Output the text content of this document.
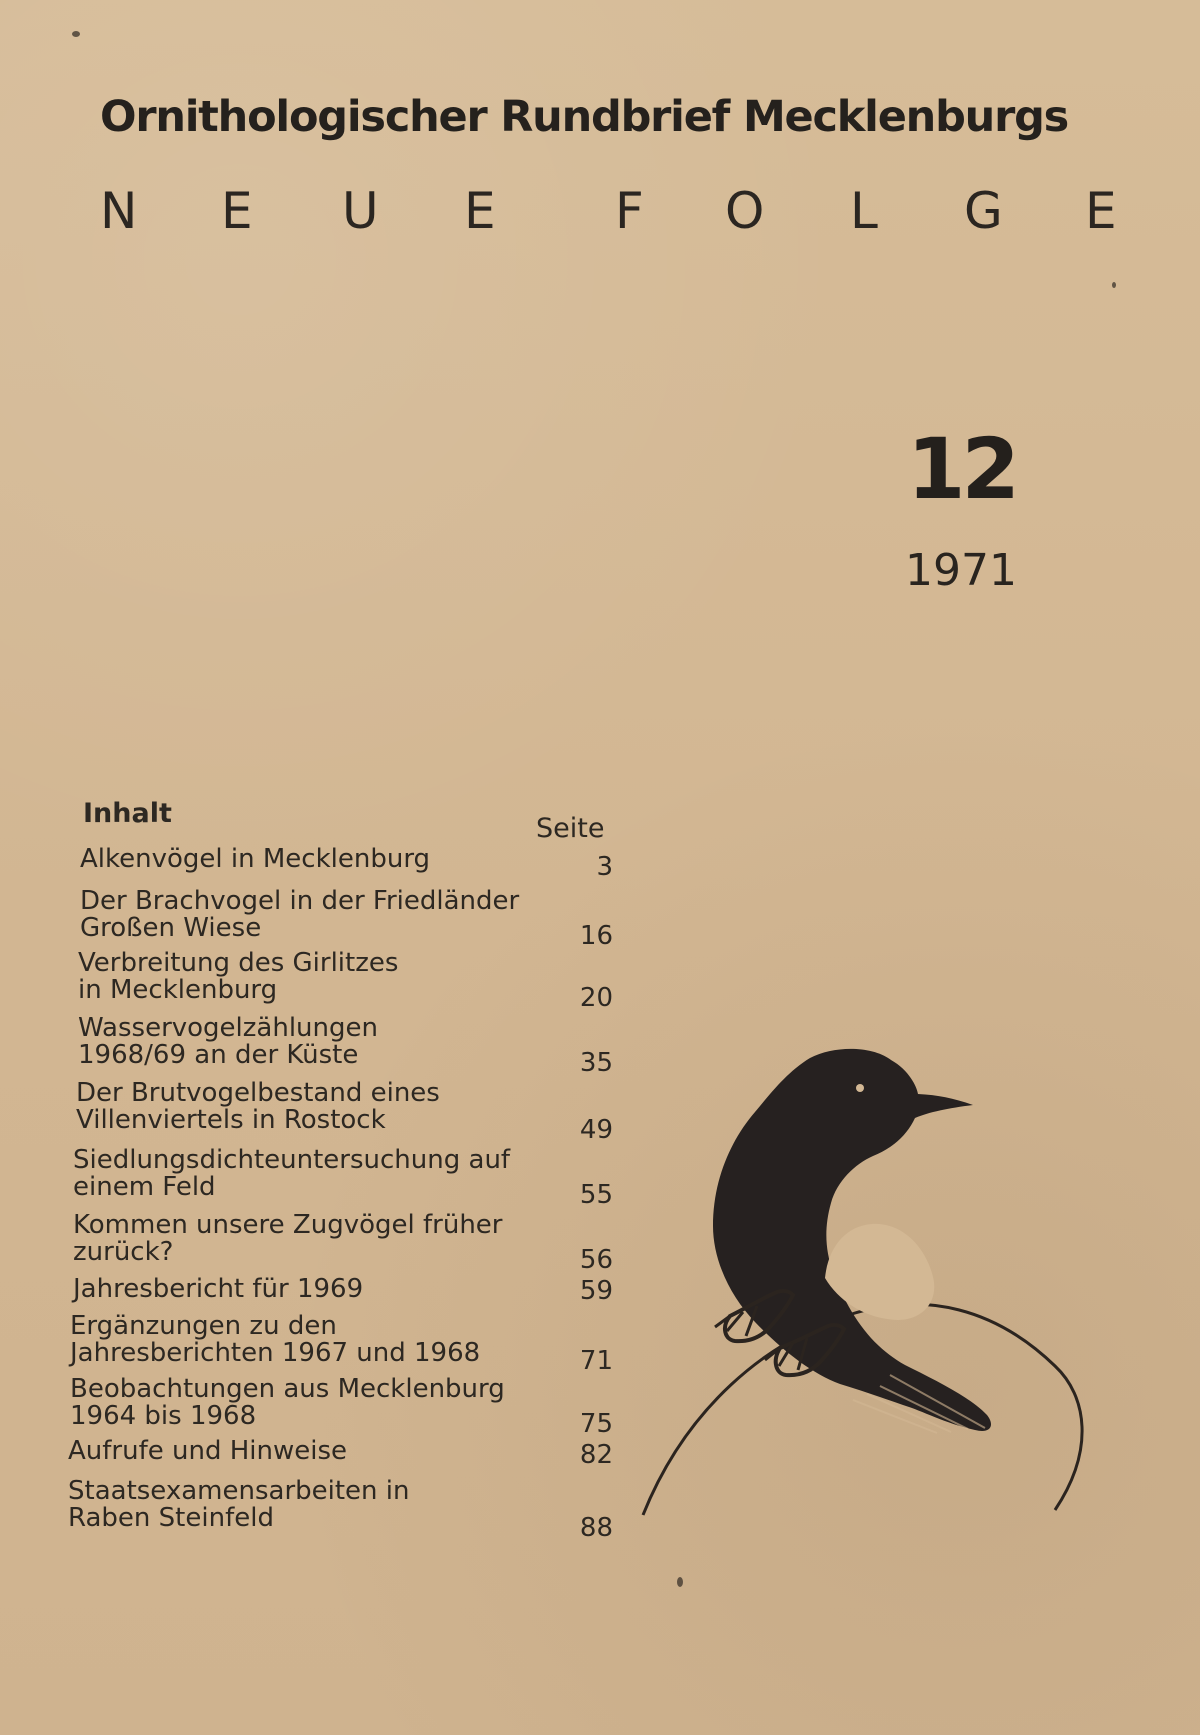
Ornithologischer Rundbrief Mecklenburgs
N E U E F O L G E
12
1971
Inhalt	Seite
Alkenvögel in Mecklenburg	3
Der Brachvogel in der Friedländer Großen Wiese	16
Verbreitung des Girlitzes in Mecklenburg	20
Wasservogelzählungen 1968/69 an der Küste	35
Der Brutvogelbestand eines Villenviertels in Rostock	49
Siedlungsdichteuntersuchung auf einem Feld	55
Kommen unsere Zugvögel früher zurück?	56
Jahresbericht für 1969	59
Ergänzungen zu den Jahresberichten 1967 und 1968	71
Beobachtungen aus Mecklenburg 1964 bis 1968	75
Aufrufe und Hinweise	82
Staatsexamensarbeiten in Raben Steinfeld	88
